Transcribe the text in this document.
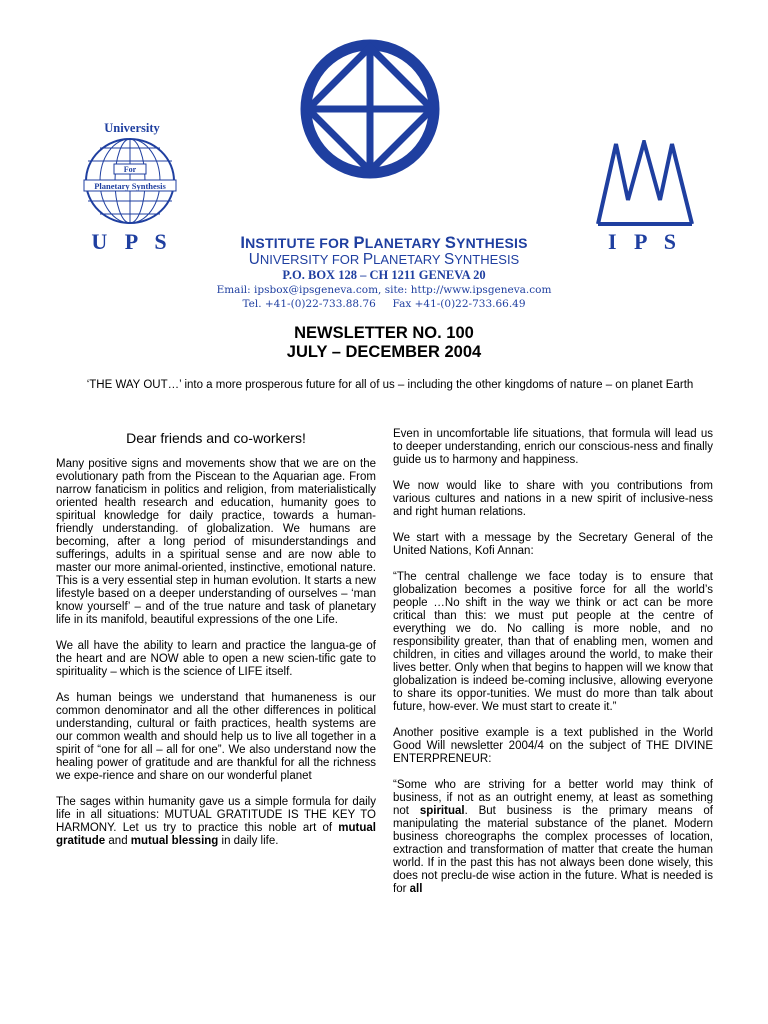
University
For
Planetary Synthesis
U P S	I P S
INSTITUTE FOR PLANETARY SYNTHESIS
UNIVERSITY FOR PLANETARY SYNTHESIS
P.O. BOX 128 – CH 1211 GENEVA 20
Email: ipsbox@ipsgeneva.com, site: http://www.ipsgeneva.com
Tel. +41-(0)22-733.88.76     Fax +41-(0)22-733.66.49
NEWSLETTER NO. 100
JULY – DECEMBER 2004
‘THE WAY OUT…’ into a more prosperous future for all of us – including the other kingdoms of nature – on planet Earth
Dear friends and co-workers!

Many positive signs and movements show that we are on the evolutionary path from the Piscean to the Aquarian age. From narrow fanaticism in politics and religion, from materialistically oriented health research and education, humanity goes to spiritual knowledge for daily practice, towards a human-friendly understanding. of globalization. We humans are becoming, after a long period of misunderstandings and sufferings, adults in a spiritual sense and are now able to master our more animal-oriented, instinctive, emotional nature. This is a very essential step in human evolution. It starts a new lifestyle based on a deeper understanding of ourselves – ‘man know yourself’ – and of the true nature and task of planetary life in its manifold, beautiful expressions of the one Life.

We all have the ability to learn and practice the langua-ge of the heart and are NOW able to open a new scien-tific gate to spirituality – which is the science of LIFE itself.

As human beings we understand that humaneness is our common denominator and all the other differences in political understanding, cultural or faith practices, health systems are our common wealth and should help us to live all together in a spirit of “one for all – all for one”. We also understand now the healing power of gratitude and are thankful for all the richness we expe-rience and share on our wonderful planet

The sages within humanity gave us a simple formula for daily life in all situations: MUTUAL GRATITUDE IS THE KEY TO HARMONY. Let us try to practice this noble art of mutual gratitude and mutual blessing in daily life.

Even in uncomfortable life situations, that formula will lead us to deeper understanding, enrich our conscious-ness and finally guide us to harmony and happiness.

We now would like to share with you contributions from various cultures and nations in a new spirit of inclusive-ness and right human relations.

We start with a message by the Secretary General of the United Nations, Kofi Annan:

“The central challenge we face today is to ensure that globalization becomes a positive force for all the world’s people …No shift in the way we think or act can be more critical than this: we must put people at the centre of everything we do. No calling is more noble, and no responsibility greater, than that of enabling men, women and children, in cities and villages around the world, to make their lives better. Only when that begins to happen will we know that globalization is indeed be-coming inclusive, allowing everyone to share its oppor-tunities. We must do more than talk about future, how-ever. We must start to create it.”

Another positive example is a text published in the World Good Will newsletter 2004/4 on the subject of THE DIVINE ENTERPRENEUR:

“Some who are striving for a better world may think of business, if not as an outright enemy, at least as something not spiritual. But business is the primary means of manipulating the material substance of the planet. Modern business choreographs the complex processes of location, extraction and transformation of matter that create the human world. If in the past this has not always been done wisely, this does not preclu-de wise action in the future. What is needed is for all
